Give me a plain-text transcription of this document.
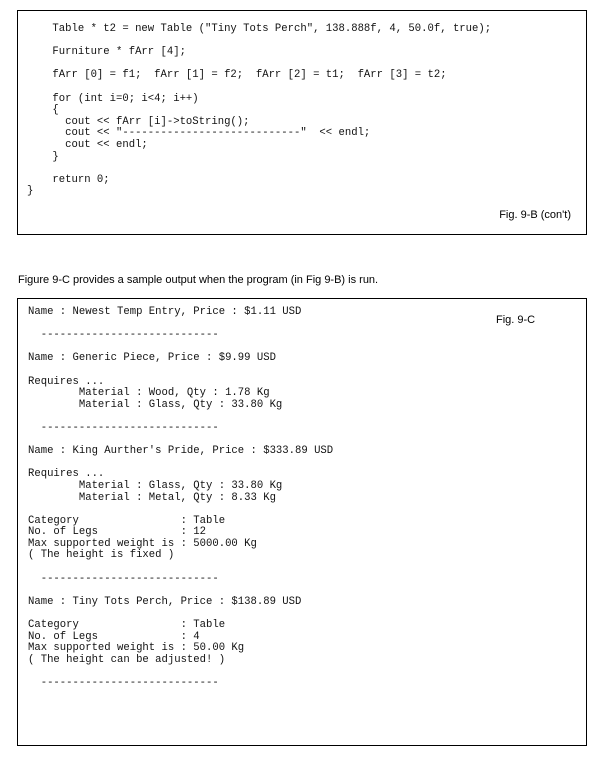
Table * t2 = new Table ("Tiny Tots Perch", 138.888f, 4, 50.0f, true);

Furniture * fArr [4];

fArr [0] = f1;  fArr [1] = f2;  fArr [2] = t1;  fArr [3] = t2;

for (int i=0; i<4; i++)
{
cout << fArr [i]->toString();
cout << "----------------------------"  << endl;
cout << endl;
}

return 0;
}
Fig. 9-B (con't)
Figure 9-C provides a sample output when the program (in Fig 9-B) is run.
Name : Newest Temp Entry, Price : $1.11 USD

----------------------------

Name : Generic Piece, Price : $9.99 USD

Requires ...
Material : Wood, Qty : 1.78 Kg
Material : Glass, Qty : 33.80 Kg

----------------------------

Name : King Aurther's Pride, Price : $333.89 USD

Requires ...
Material : Glass, Qty : 33.80 Kg
Material : Metal, Qty : 8.33 Kg

Category                : Table
No. of Legs             : 12
Max supported weight is : 5000.00 Kg
( The height is fixed )

----------------------------

Name : Tiny Tots Perch, Price : $138.89 USD

Category                : Table
No. of Legs             : 4
Max supported weight is : 50.00 Kg
( The height can be adjusted! )

----------------------------
Fig. 9-C
